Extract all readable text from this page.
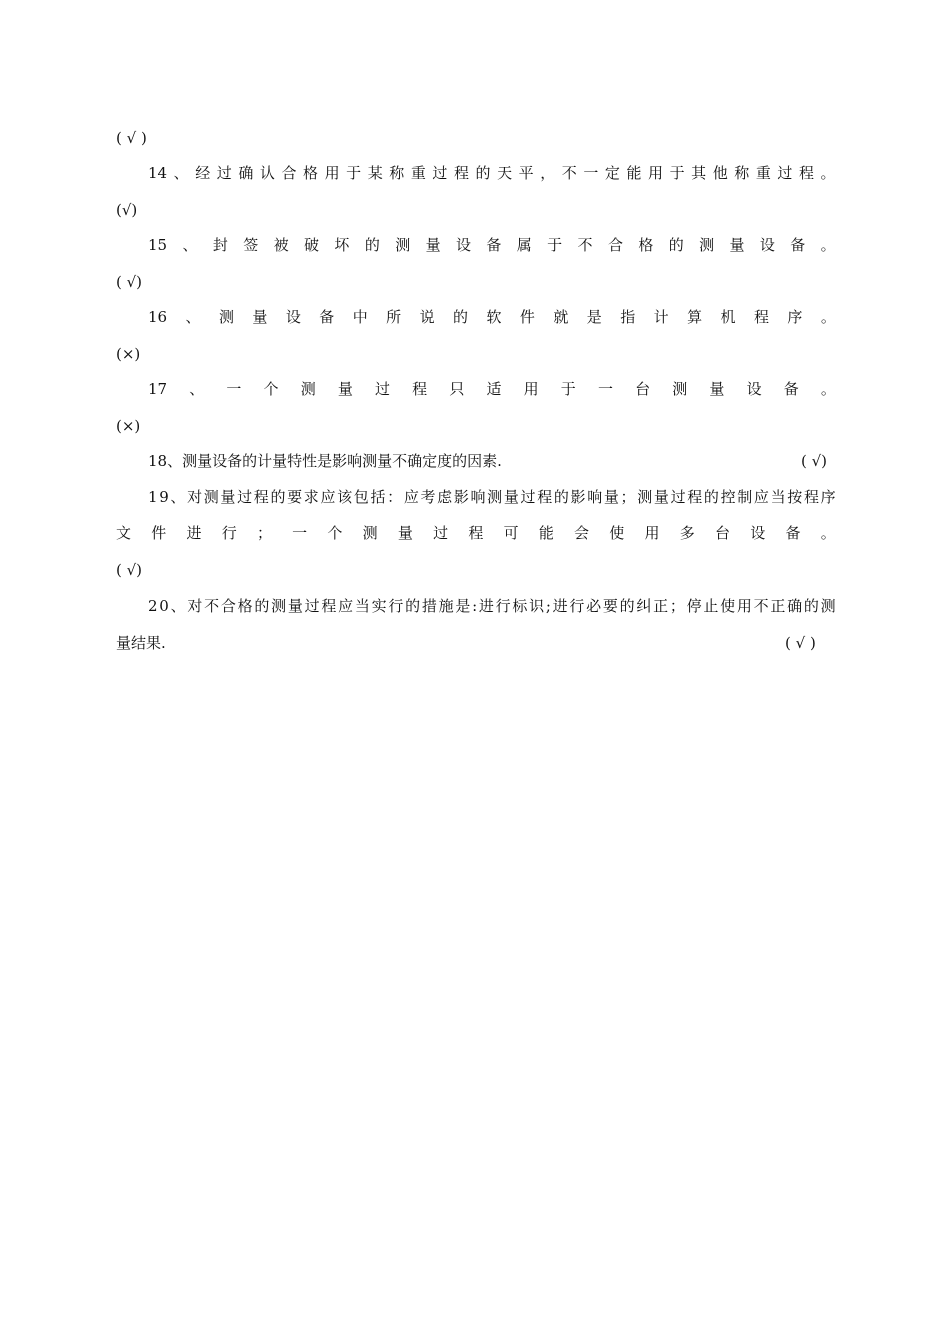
( √ )
14 、 经 过 确 认 合 格 用 于 某 称 重 过 程 的 天 平 ， 不 一 定 能 用 于 其 他 称 重 过 程 。
(√)
15 、 封 签 被 破 坏 的 测 量 设 备 属 于 不 合 格 的 测 量 设 备 。
( √)
16 、 测 量 设 备 中 所 说 的 软 件 就 是 指 计 算 机 程 序 。
(×)
17 、 一 个 测 量 过 程 只 适 用 于 一 台 测 量 设 备 。
(×)
18、测量设备的计量特性是影响测量不确定度的因素.	( √)
1 9 、 对 测 量 过 程 的 要 求 应 该 包 括 ： 应 考 虑 影 响 测 量 过 程 的 影 响 量 ； 测 量 过 程 的 控 制 应 当 按 程 序
文 件 进 行 ； 一 个 测 量 过 程 可 能 会 使 用 多 台 设 备 。
( √)
2 0 、 对 不 合 格 的 测 量 过 程 应 当 实 行 的 措 施 是 : 进 行 标 识 ; 进 行 必 要 的 纠 正 ； 停 止 使 用 不 正 确 的 测
量结果.	( √ )
